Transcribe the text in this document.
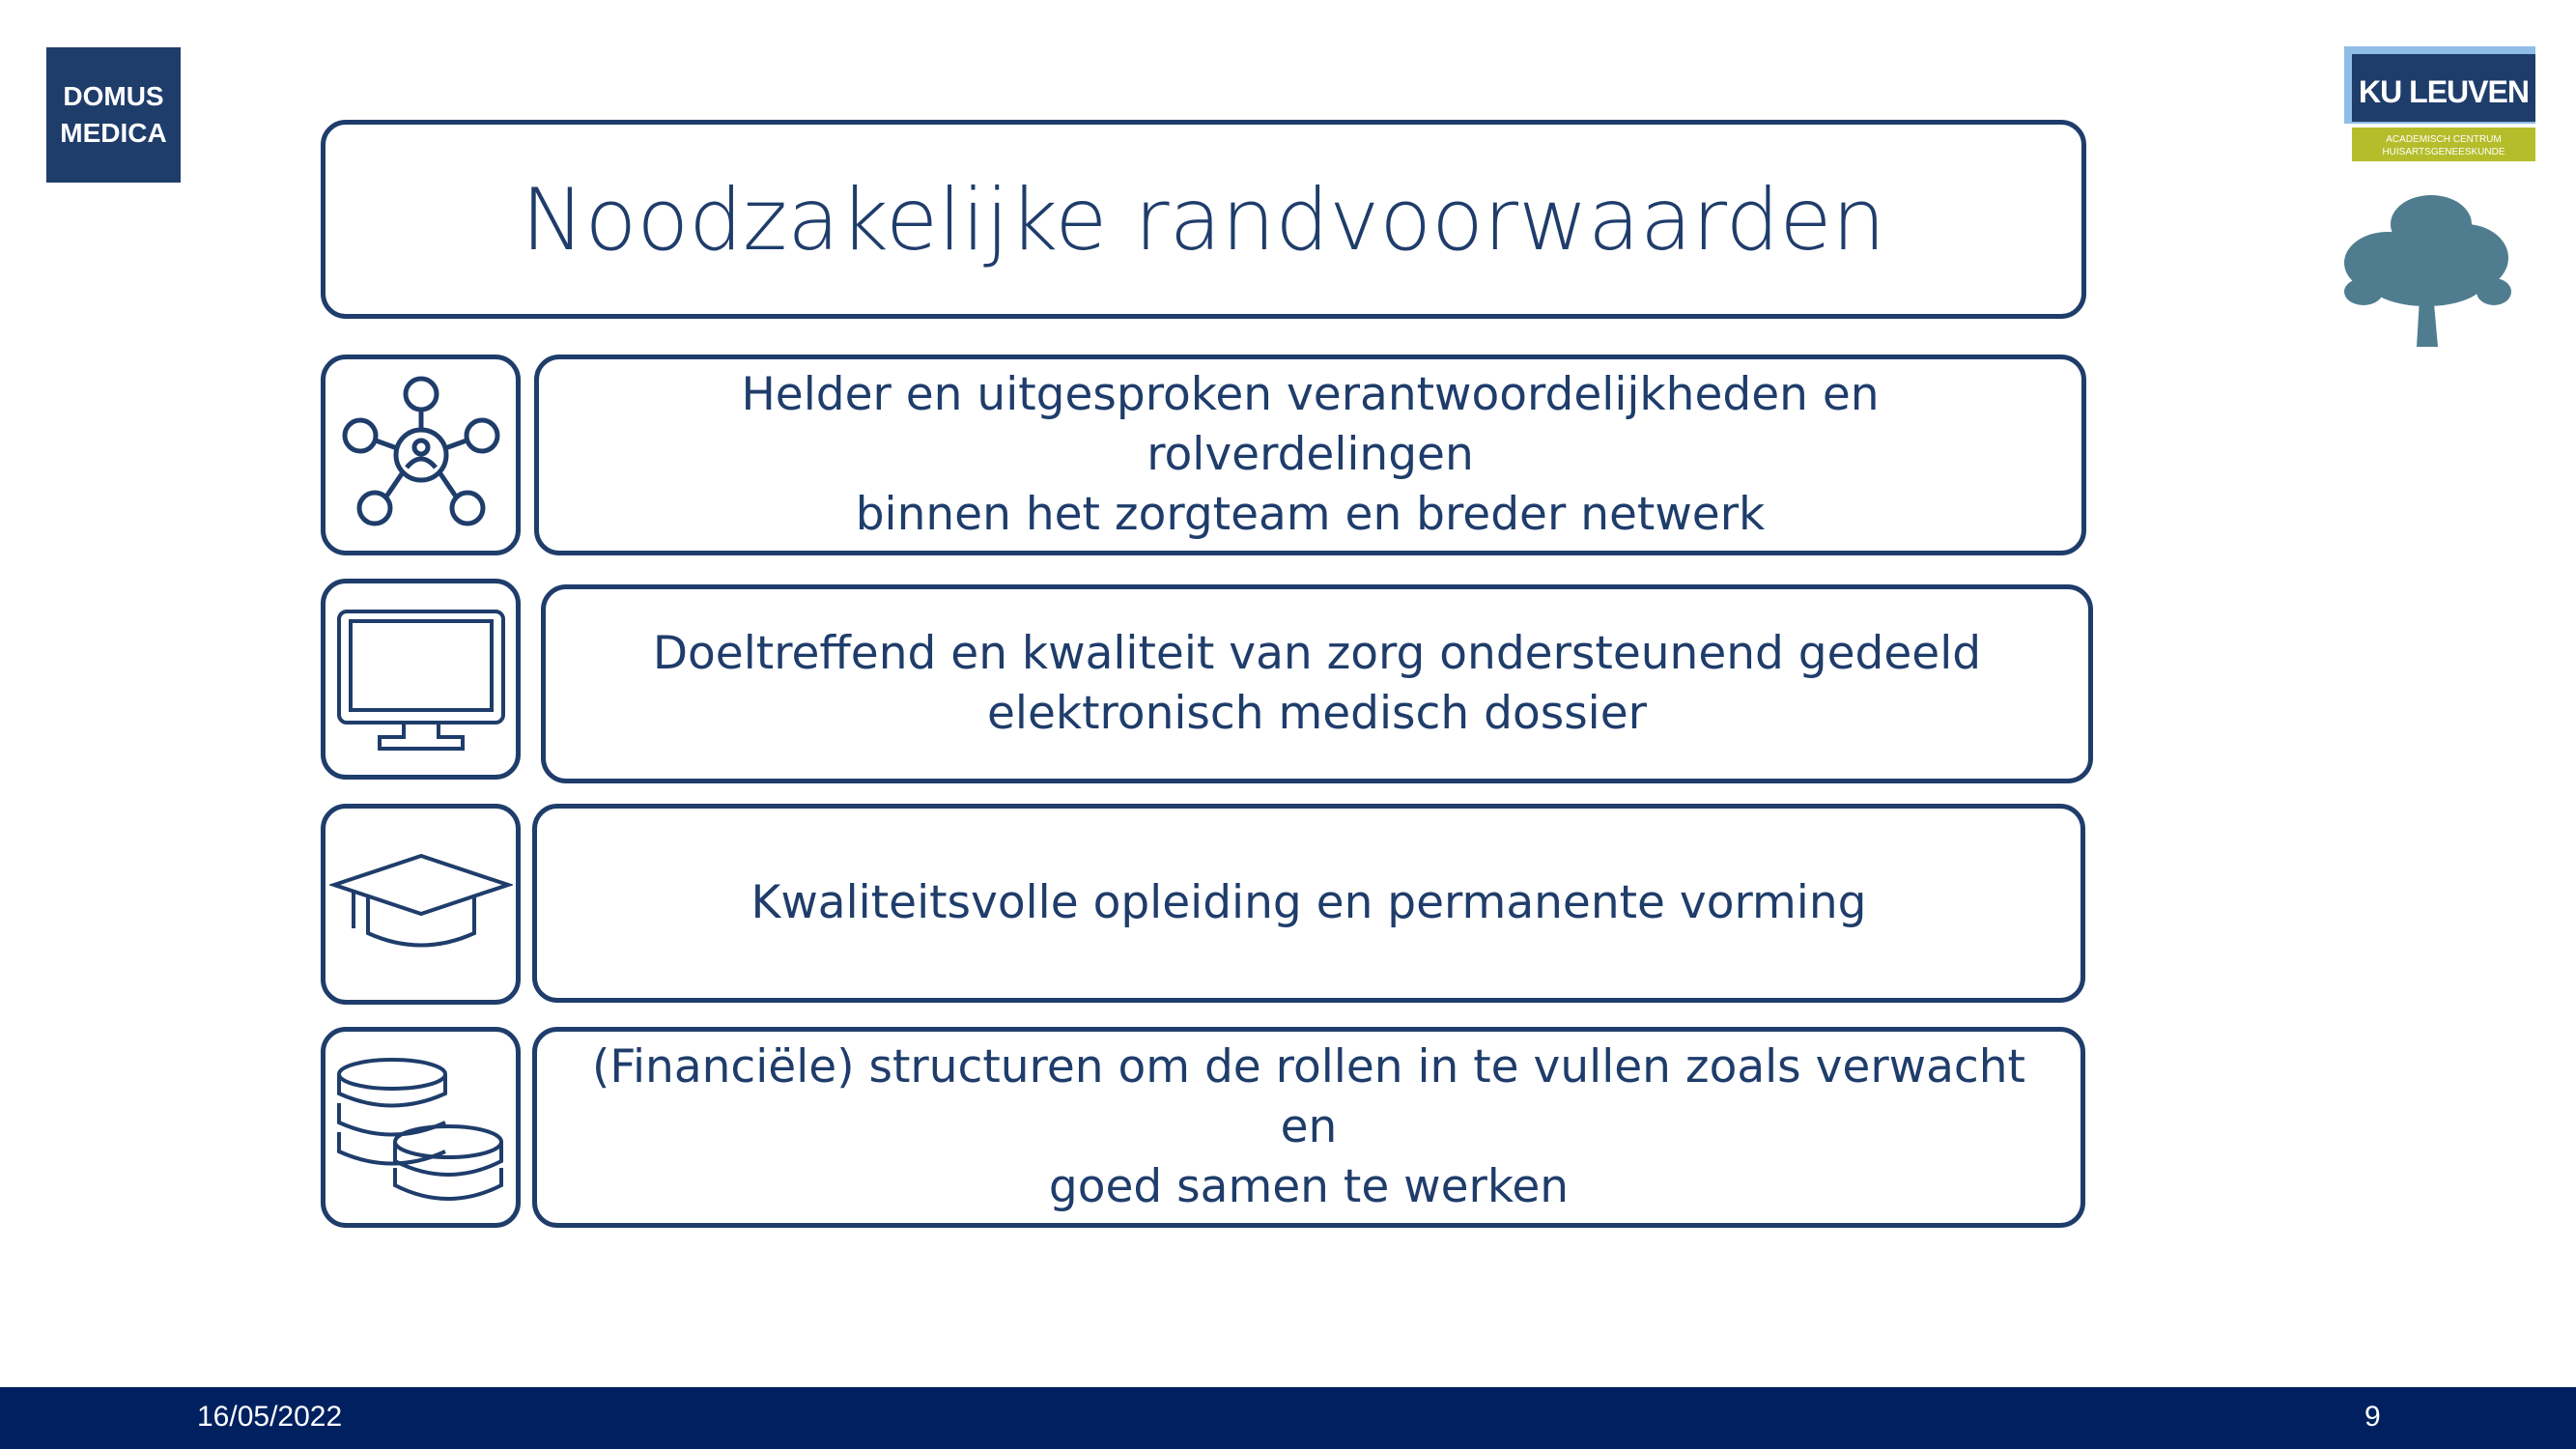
DOMUS
MEDICA
KU LEUVEN
ACADEMISCH CENTRUM
HUISARTSGENEESKUNDE
Noodzakelijke randvoorwaarden
Helder en uitgesproken verantwoordelijkheden en rolverdelingen
binnen het zorgteam en breder netwerk
Doeltreffend en kwaliteit van zorg ondersteunend gedeeld
elektronisch medisch dossier
Kwaliteitsvolle opleiding en permanente vorming
(Financiële) structuren om de rollen in te vullen zoals verwacht en
goed samen te werken
16/05/2022	9
